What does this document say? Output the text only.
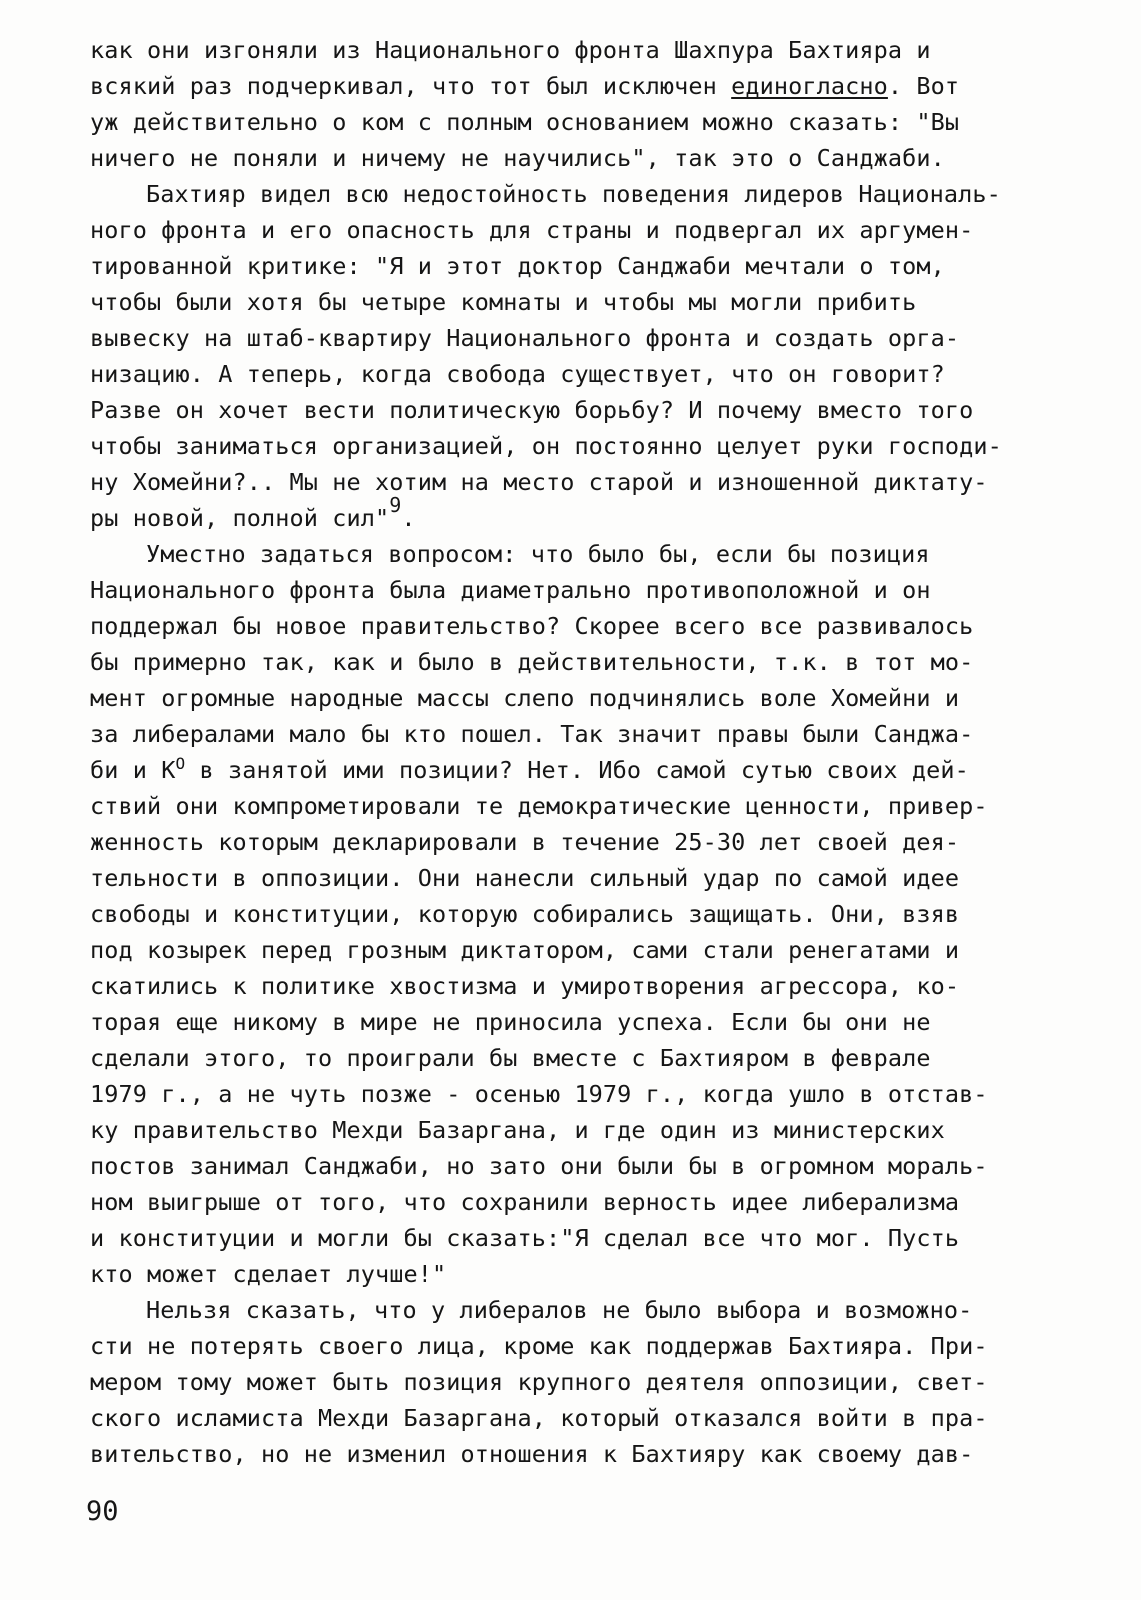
как они изгоняли из Национального фронта Шахпура Бахтияра и
всякий раз подчеркивал, что тот был исключен единогласно. Вот
уж действительно о ком с полным основанием можно сказать: "Вы
ничего не поняли и ничему не научились", так это о Санджаби.
Бахтияр видел всю недостойность поведения лидеров Националь-
ного фронта и его опасность для страны и подвергал их аргумен-
тированной критике: "Я и этот доктор Санджаби мечтали о том,
чтобы были хотя бы четыре комнаты и чтобы мы могли прибить
вывеску на штаб-квартиру Национального фронта и создать орга-
низацию. А теперь, когда свобода существует, что он говорит?
Разве он хочет вести политическую борьбу? И почему вместо того
чтобы заниматься организацией, он постоянно целует руки господи-
ну Хомейни?.. Мы не хотим на место старой и изношенной диктату-
ры новой, полной сил"$^9$.
Уместно задаться вопросом: что было бы, если бы позиция
Национального фронта была диаметрально противоположной и он
поддержал бы новое правительство? Скорее всего все развивалось
бы примерно так, как и было в действительности, т.к. в тот мо-
мент огромные народные массы слепо подчинялись воле Хомейни и
за либералами мало бы кто пошел. Так значит правы были Санджа-
би и $К^O$ в занятой ими позиции? Нет. Ибо самой сутью своих дей-
ствий они компрометировали те демократические ценности, привер-
женность которым декларировали в течение 25-30 лет своей дея-
тельности в оппозиции. Они нанесли сильный удар по самой идее
свободы и конституции, которую собирались защищать. Они, взяв
под козырек перед грозным диктатором, сами стали ренегатами и
скатились к политике хвостизма и умиротворения агрессора, ко-
торая еще никому в мире не приносила успеха. Если бы они не
сделали этого, то проиграли бы вместе с Бахтияром в феврале
1979 г., а не чуть позже - осенью 1979 г., когда ушло в отстав-
ку правительство Мехди Базаргана, и где один из министерских
постов занимал Санджаби, но зато они были бы в огромном мораль-
ном выигрыше от того, что сохранили верность идее либерализма
и конституции и могли бы сказать:"Я сделал все что мог. Пусть
кто может сделает лучше!"
Нельзя сказать, что у либералов не было выбора и возможно-
сти не потерять своего лица, кроме как поддержав Бахтияра. При-
мером тому может быть позиция крупного деятеля оппозиции, свет-
ского исламиста Мехди Базаргана, который отказался войти в пра-
вительство, но не изменил отношения к Бахтияру как своему дав-
90
